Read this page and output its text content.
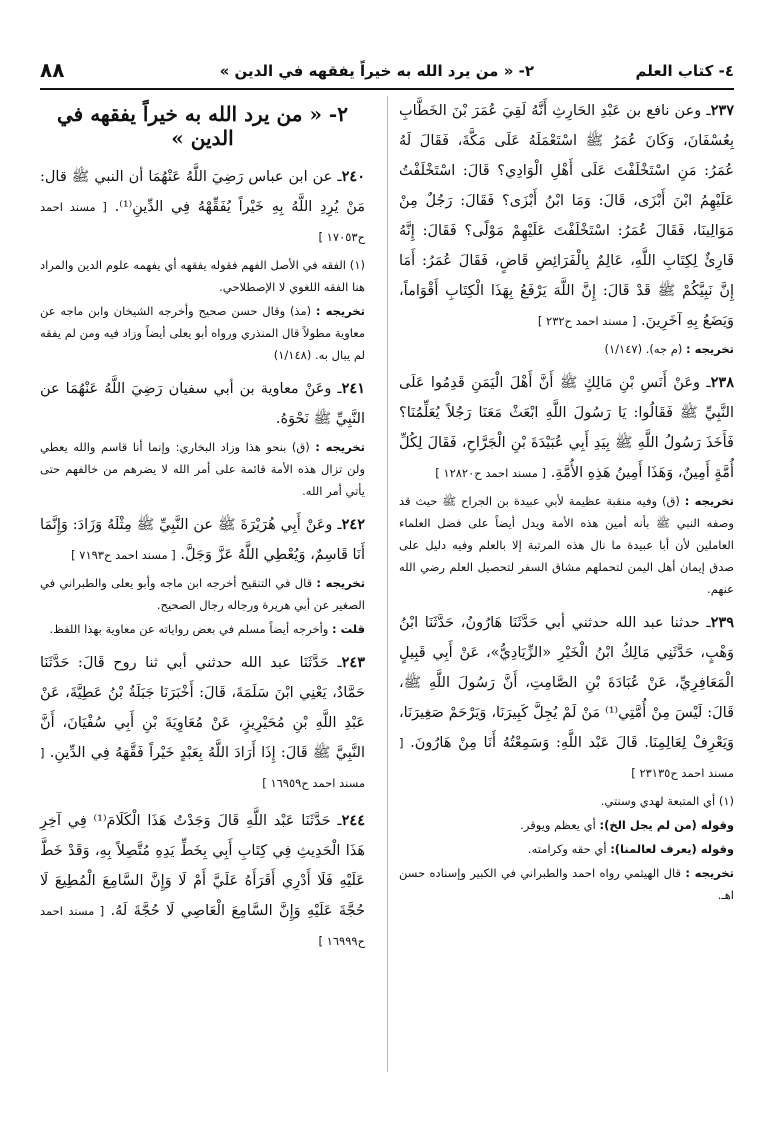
٤- كتاب العلم
٢- « من يرد الله به خيراً يفقهه في الدين »
٨٨

٢٣٧ـ وعن نافع بن عَبْدِ الحَارِثِ أَنَّهُ لَقِيَ عُمَرَ بْنَ الخَطَّابِ بِعُسْفَانَ، وَكَانَ عُمَرُ ﷺ اسْتَعْمَلَهُ عَلَى مَكَّةَ، فَقَالَ لَهُ عُمَرُ: مَنِ اسْتَخْلَفْتَ عَلَى أَهْلِ الْوَادِي؟ قَالَ: اسْتَخْلَفْتُ عَلَيْهِمُ ابْنَ أَبْزَى، قَالَ: وَمَا ابْنُ أَبْزَى؟ فَقَالَ: رَجُلٌ مِنْ مَوَالِينَا، فَقَالَ عُمَرُ: اسْتَخْلَفْتَ عَلَيْهِمْ مَوْلًى؟ فَقَالَ: إِنَّهُ قَارِئٌ لِكِتَابِ اللَّهِ، عَالِمٌ بِالْفَرَائِضِ قَاضٍ، فَقَالَ عُمَرُ: أَمَا إِنَّ نَبِيَّكُمْ ﷺ قَدْ قَالَ: إِنَّ اللَّهَ يَرْفَعُ بِهَذَا الْكِتَابِ أَقْوَاماً، وَيَضَعُ بِهِ آخَرِينَ. [ مسند احمد ح٢٣٢ ]

تخريجه : (م جه). (١/١٤٧)

٢٣٨ـ وعَنْ أَنَسِ بْنِ مَالِكٍ ﷺ أَنَّ أَهْلَ الْيَمَنِ قَدِمُوا عَلَى النَّبِيِّ ﷺ فَقَالُوا: يَا رَسُولَ اللَّهِ ابْعَثْ مَعَنَا رَجُلاً يُعَلِّمُنَا؟ فَأَخَذَ رَسُولُ اللَّهِ ﷺ بِيَدِ أَبِي عُبَيْدَةَ بْنِ الْجَرَّاحِ، فَقَالَ لِكُلِّ أُمَّةٍ أَمِينٌ، وَهَذَا أَمِينُ هَذِهِ الأُمَّةِ. [ مسند احمد ح١٢٨٢٠ ]

تخريجه : (ق) وفيه منقبة عظيمة لأبي عبيدة بن الجراح ﷺ حيث قد وصفه النبي ﷺ بأنه أمين هذه الأمة ويدل أيضاً على فضل العلماء العاملين لأن أبا عبيدة ما نال هذه المرتبة إلا بالعلم وفيه دليل على صدق إيمان أهل اليمن لتحملهم مشاق السفر لتحصيل العلم رضي الله عنهم.

٢٣٩ـ حدثنا عبد الله حدثني أبي حَدَّثَنَا هَارُونُ، حَدَّثَنَا ابْنُ وَهْبٍ، حَدَّثَنِي مَالِكُ ابْنُ الْخَيْرِ «الزِّيَادِيُّ»، عَنْ أَبِي قَبِيلٍ الْمَعَافِرِيِّ، عَنْ عُبَادَةَ بْنِ الصَّامِتِ، أَنَّ رَسُولَ اللَّهِ ﷺ، قَالَ: لَيْسَ مِنْ أُمَّتِي⁽¹⁾ مَنْ لَمْ يُجِلَّ كَبِيرَنَا، وَيَرْحَمْ صَغِيرَنَا، وَيَعْرِفْ لِعَالِمِنَا. قَالَ عَبْد اللَّهِ: وَسَمِعْتُهُ أَنَا مِنْ هَارُونَ. [ مسند احمد ح٢٣١٣٥ ]

(١) أي المتبعة لهدي وسنتي.

وقوله (من لم يجل الخ): أي يعظم ويوقر.

وقوله (يعرف لعالمنا): أي حقه وكرامته.

تخريجه : قال الهيثمي رواه احمد والطبراني في الكبير وإسناده حسن اهـ.

٢- « من يرد الله به خيراً يفقهه في الدين »

٢٤٠ـ عن ابن عباس رَضِيَ اللَّهُ عَنْهُمَا أن النبي ﷺ قال: مَنْ يُرِدِ اللَّهُ بِهِ خَيْراً يُفَقِّهْهُ فِي الدِّينِ⁽¹⁾. [ مسند احمد ح١٧٠٥٣ ]

(١) الفقه في الأصل الفهم فقوله يفقهه أي يفهمه علوم الدين والمراد هنا الفقه اللغوي لا الإصطلاحي.

تخريجه : (مذ) وقال حسن صحيح وأخرجه الشيخان وابن ماجه عن معاوية مطولاً قال المنذري ورواه أبو يعلى أيضاً وزاد فيه ومن لم يفقه لم يبال به. (١/١٤٨)

٢٤١ـ وعَنْ معاوية بن أبي سفيان رَضِيَ اللَّهُ عَنْهُمَا عن النَّبِيِّ ﷺ نَحْوَهُ.

تخريجه : (ق) بنحو هذا وزاد البخاري: وإنما أنا قاسم والله يعطي ولن تزال هذه الأمة قائمة على أمر الله لا يضرهم من خالفهم حتى يأتي أمر الله.

٢٤٢ـ وعَنْ أَبِي هُرَيْرَةَ ﷺ عن النَّبِيِّ ﷺ مِثْلَهُ وَزَادَ: وَإِنَّمَا أَنَا قَاسِمٌ، وَيُعْطِي اللَّهُ عَزَّ وَجَلَّ. [ مسند احمد ح٧١٩٣ ]

تخريجه : قال في التنقيح أخرجه ابن ماجه وأبو يعلى والطبراني في الصغير عن أبي هريرة ورجاله رجال الصحيح.

قلت : وأخرجه أيضاً مسلم في بعض رواياته عن معاوية بهذا اللفظ.

٢٤٣ـ حَدَّثَنَا عبد الله حدثني أبي ثنا روح قَالَ: حَدَّثَنَا حَمَّادٌ، يَعْنِي ابْنَ سَلَمَةَ، قَالَ: أَخْبَرَنَا جَبَلَةُ بْنُ عَطِيَّةَ، عَنْ عَبْدِ اللَّهِ بْنِ مُحَيْرِيزٍ، عَنْ مُعَاوِيَةَ بْنِ أَبِي سُفْيَانَ، أَنَّ النَّبِيَّ ﷺ قَالَ: إِذَا أَرَادَ اللَّهُ بِعَبْدٍ خَيْراً فَقَّهَهُ فِي الدِّينِ. [ مسند احمد ح١٦٩٥٩ ]

٢٤٤ـ حَدَّثَنَا عَبْد اللَّهِ قَالَ وَجَدْتُ هَذَا الْكَلَامَ⁽¹⁾ فِي آخِرِ هَذَا الْحَدِيثِ فِي كِتَابِ أَبِي بِخَطِّ يَدِهِ مُتَّصِلاً بِهِ، وَقَدْ خَطَّ عَلَيْهِ فَلَا أَدْرِي أَقَرَأَهُ عَلَيَّ أَمْ لَا وَإِنَّ السَّامِعَ الْمُطِيعَ لَا حُجَّةَ عَلَيْهِ وَإِنَّ السَّامِعَ الْعَاصِي لَا حُجَّةَ لَهُ. [ مسند احمد ح١٦٩٩٩ ]
